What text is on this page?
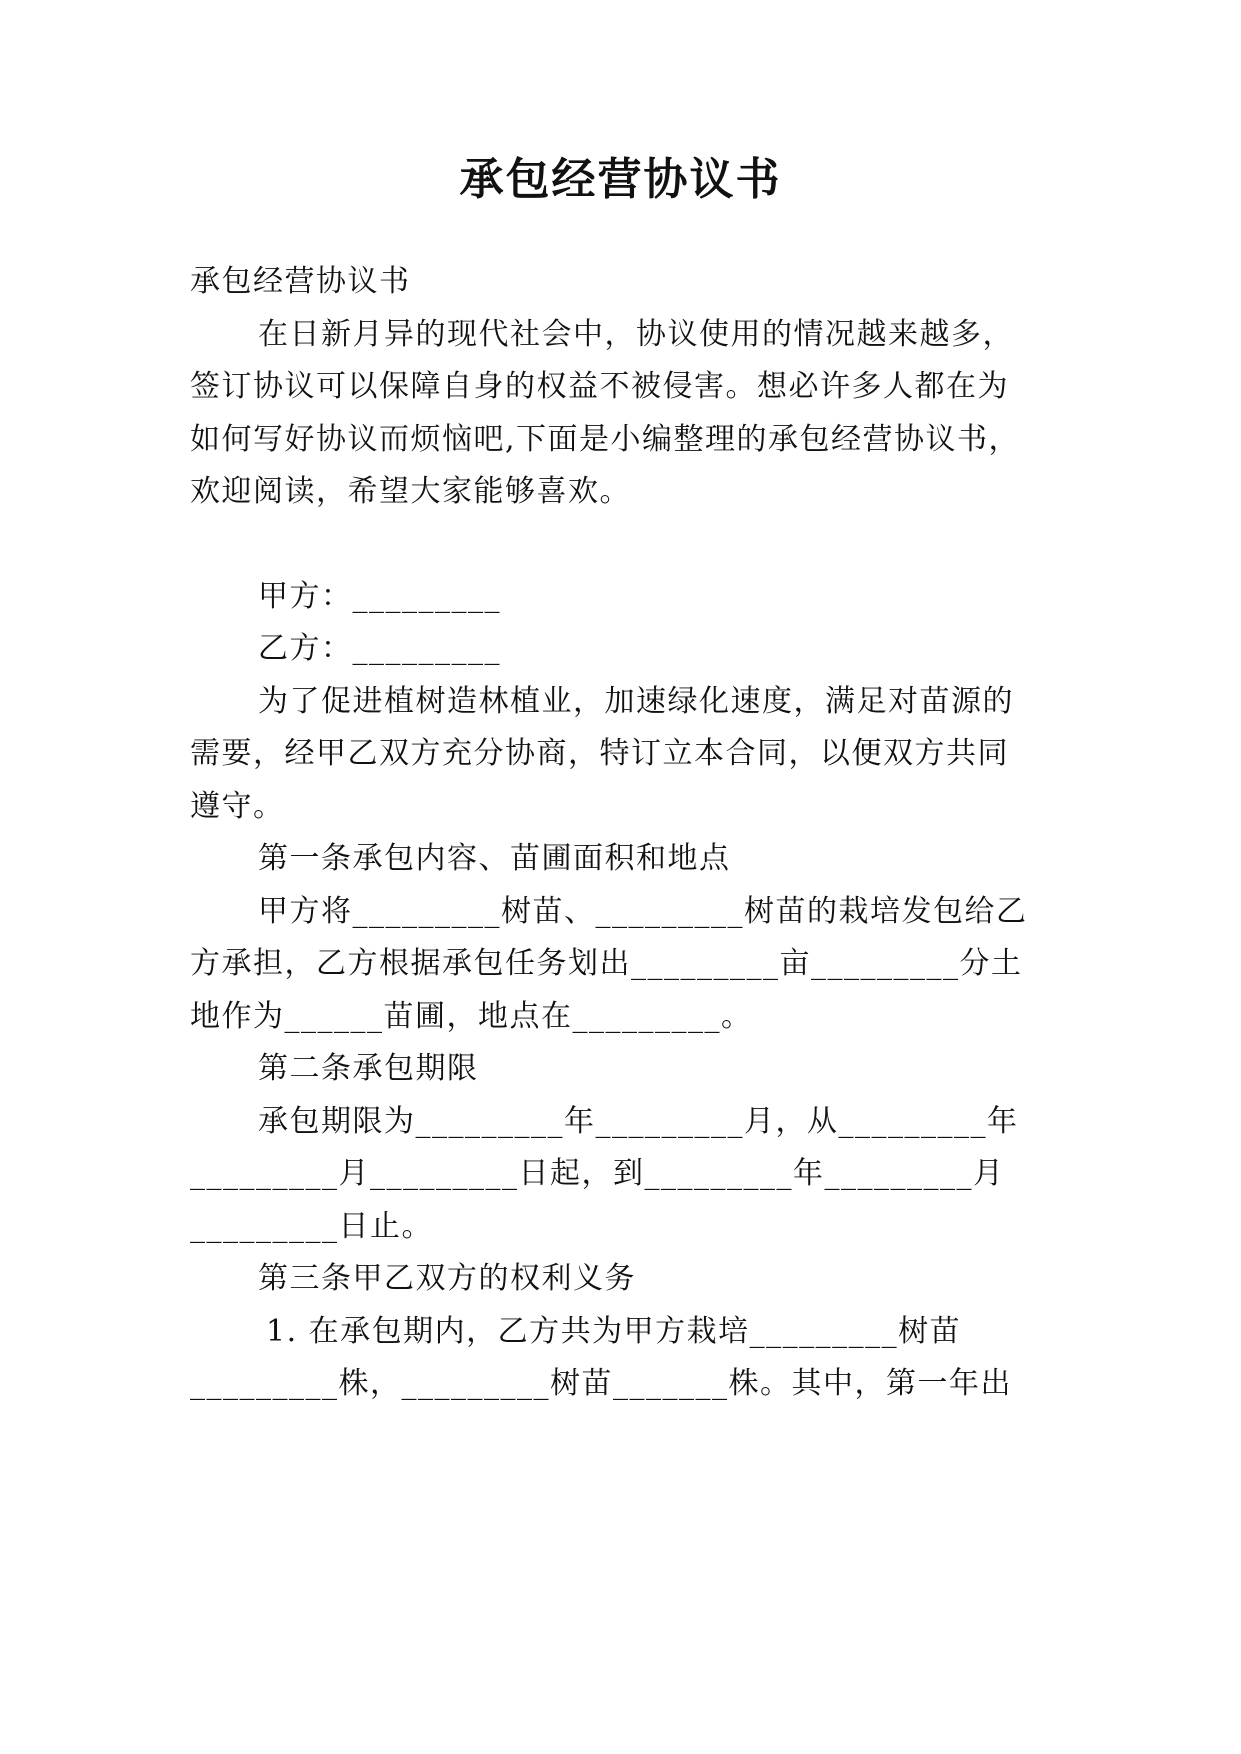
承包经营协议书
承包经营协议书
在日新月异的现代社会中，协议使用的情况越来越多，
签订协议可以保障自身的权益不被侵害。想必许多人都在为
如何写好协议而烦恼吧,下面是小编整理的承包经营协议书，
欢迎阅读，希望大家能够喜欢。
甲方：_________
乙方：_________
为了促进植树造林植业，加速绿化速度，满足对苗源的
需要，经甲乙双方充分协商，特订立本合同，以便双方共同
遵守。
第一条承包内容、苗圃面积和地点
甲方将_________树苗、_________树苗的栽培发包给乙
方承担，乙方根据承包任务划出_________亩_________分土
地作为______苗圃，地点在_________。
第二条承包期限
承包期限为_________年_________月，从_________年
_________月_________日起，到_________年_________月
_________日止。
第三条甲乙双方的权利义务
1. 在承包期内，乙方共为甲方栽培_________树苗
_________株，_________树苗_______株。其中，第一年出
